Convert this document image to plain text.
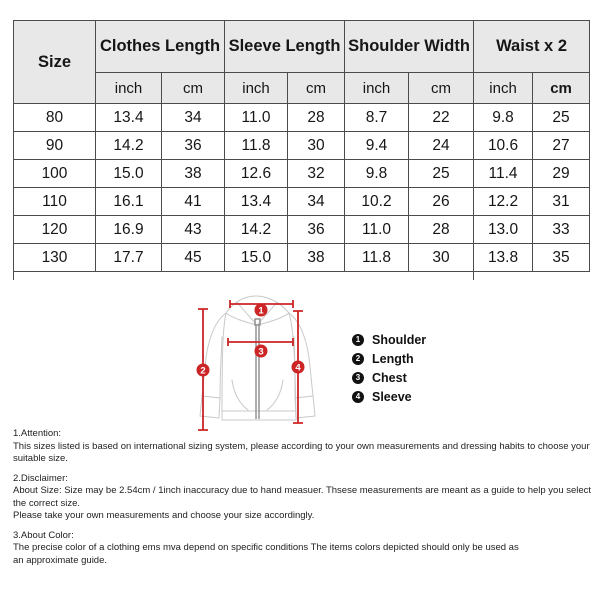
Size	Clothes Length		Sleeve Length		Shoulder Width		Waist x 2	
	inch	cm	inch	cm	inch	cm	inch	cm
80	13.4	34	11.0	28	8.7	22	9.8	25
90	14.2	36	11.8	30	9.4	24	10.6	27
100	15.0	38	12.6	32	9.8	25	11.4	29
110	16.1	41	13.4	34	10.2	26	12.2	31
120	16.9	43	14.2	36	11.0	28	13.0	33
130	17.7	45	15.0	38	11.8	30	13.8	35
1
2
3
4
1 Shoulder
2 Length
3 Chest
4 Sleeve
1.Attention:
This sizes listed is based on international sizing system, please according to your own measurements and dressing habits to choose your suitable size.
2.Disclaimer:
About Size: Size may be 2.54cm / 1inch inaccuracy due to hand measuer. Thsese measurements are meant as a guide to help you select the correct size.
Please take your own measurements and choose your size accordingly.
3.About Color:
The precise color of a clothing ems mva depend on specific conditions The items colors depicted should only be used as
an approximate guide.
